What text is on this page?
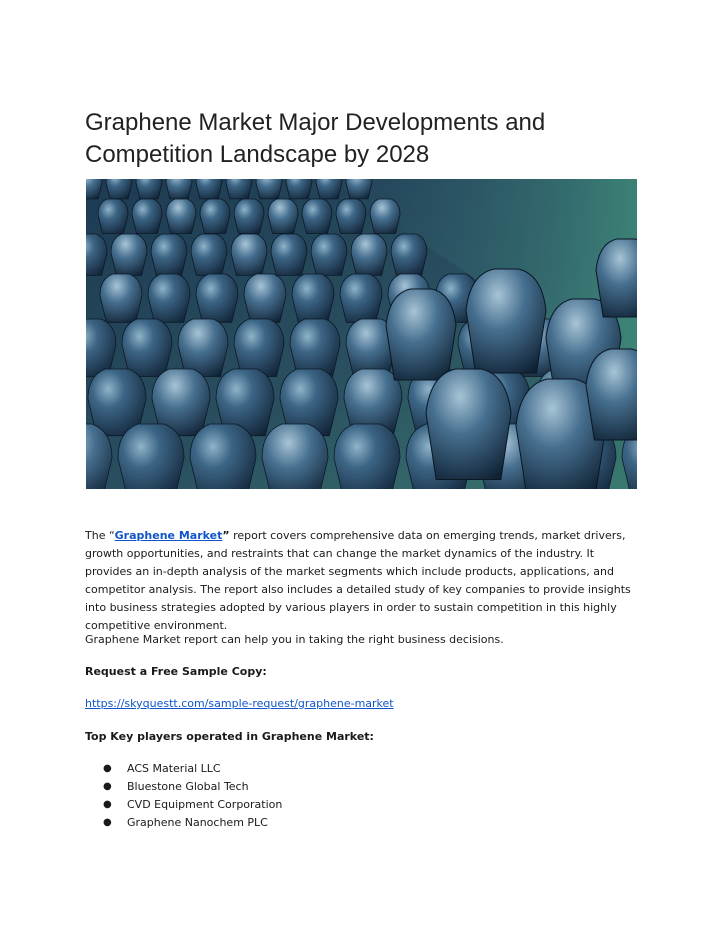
Graphene Market Major Developments and Competition Landscape by 2028

The “Graphene Market” report covers comprehensive data on emerging trends, market drivers, growth opportunities, and restraints that can change the market dynamics of the industry. It provides an in-depth analysis of the market segments which include products, applications, and competitor analysis. The report also includes a detailed study of key companies to provide insights into business strategies adopted by various players in order to sustain competition in this highly competitive environment.

Graphene Market report can help you in taking the right business decisions.

Request a Free Sample Copy:

https://skyquestt.com/sample-request/graphene-market

Top Key players operated in Graphene Market:

● ACS Material LLC
● Bluestone Global Tech
● CVD Equipment Corporation
● Graphene Nanochem PLC
